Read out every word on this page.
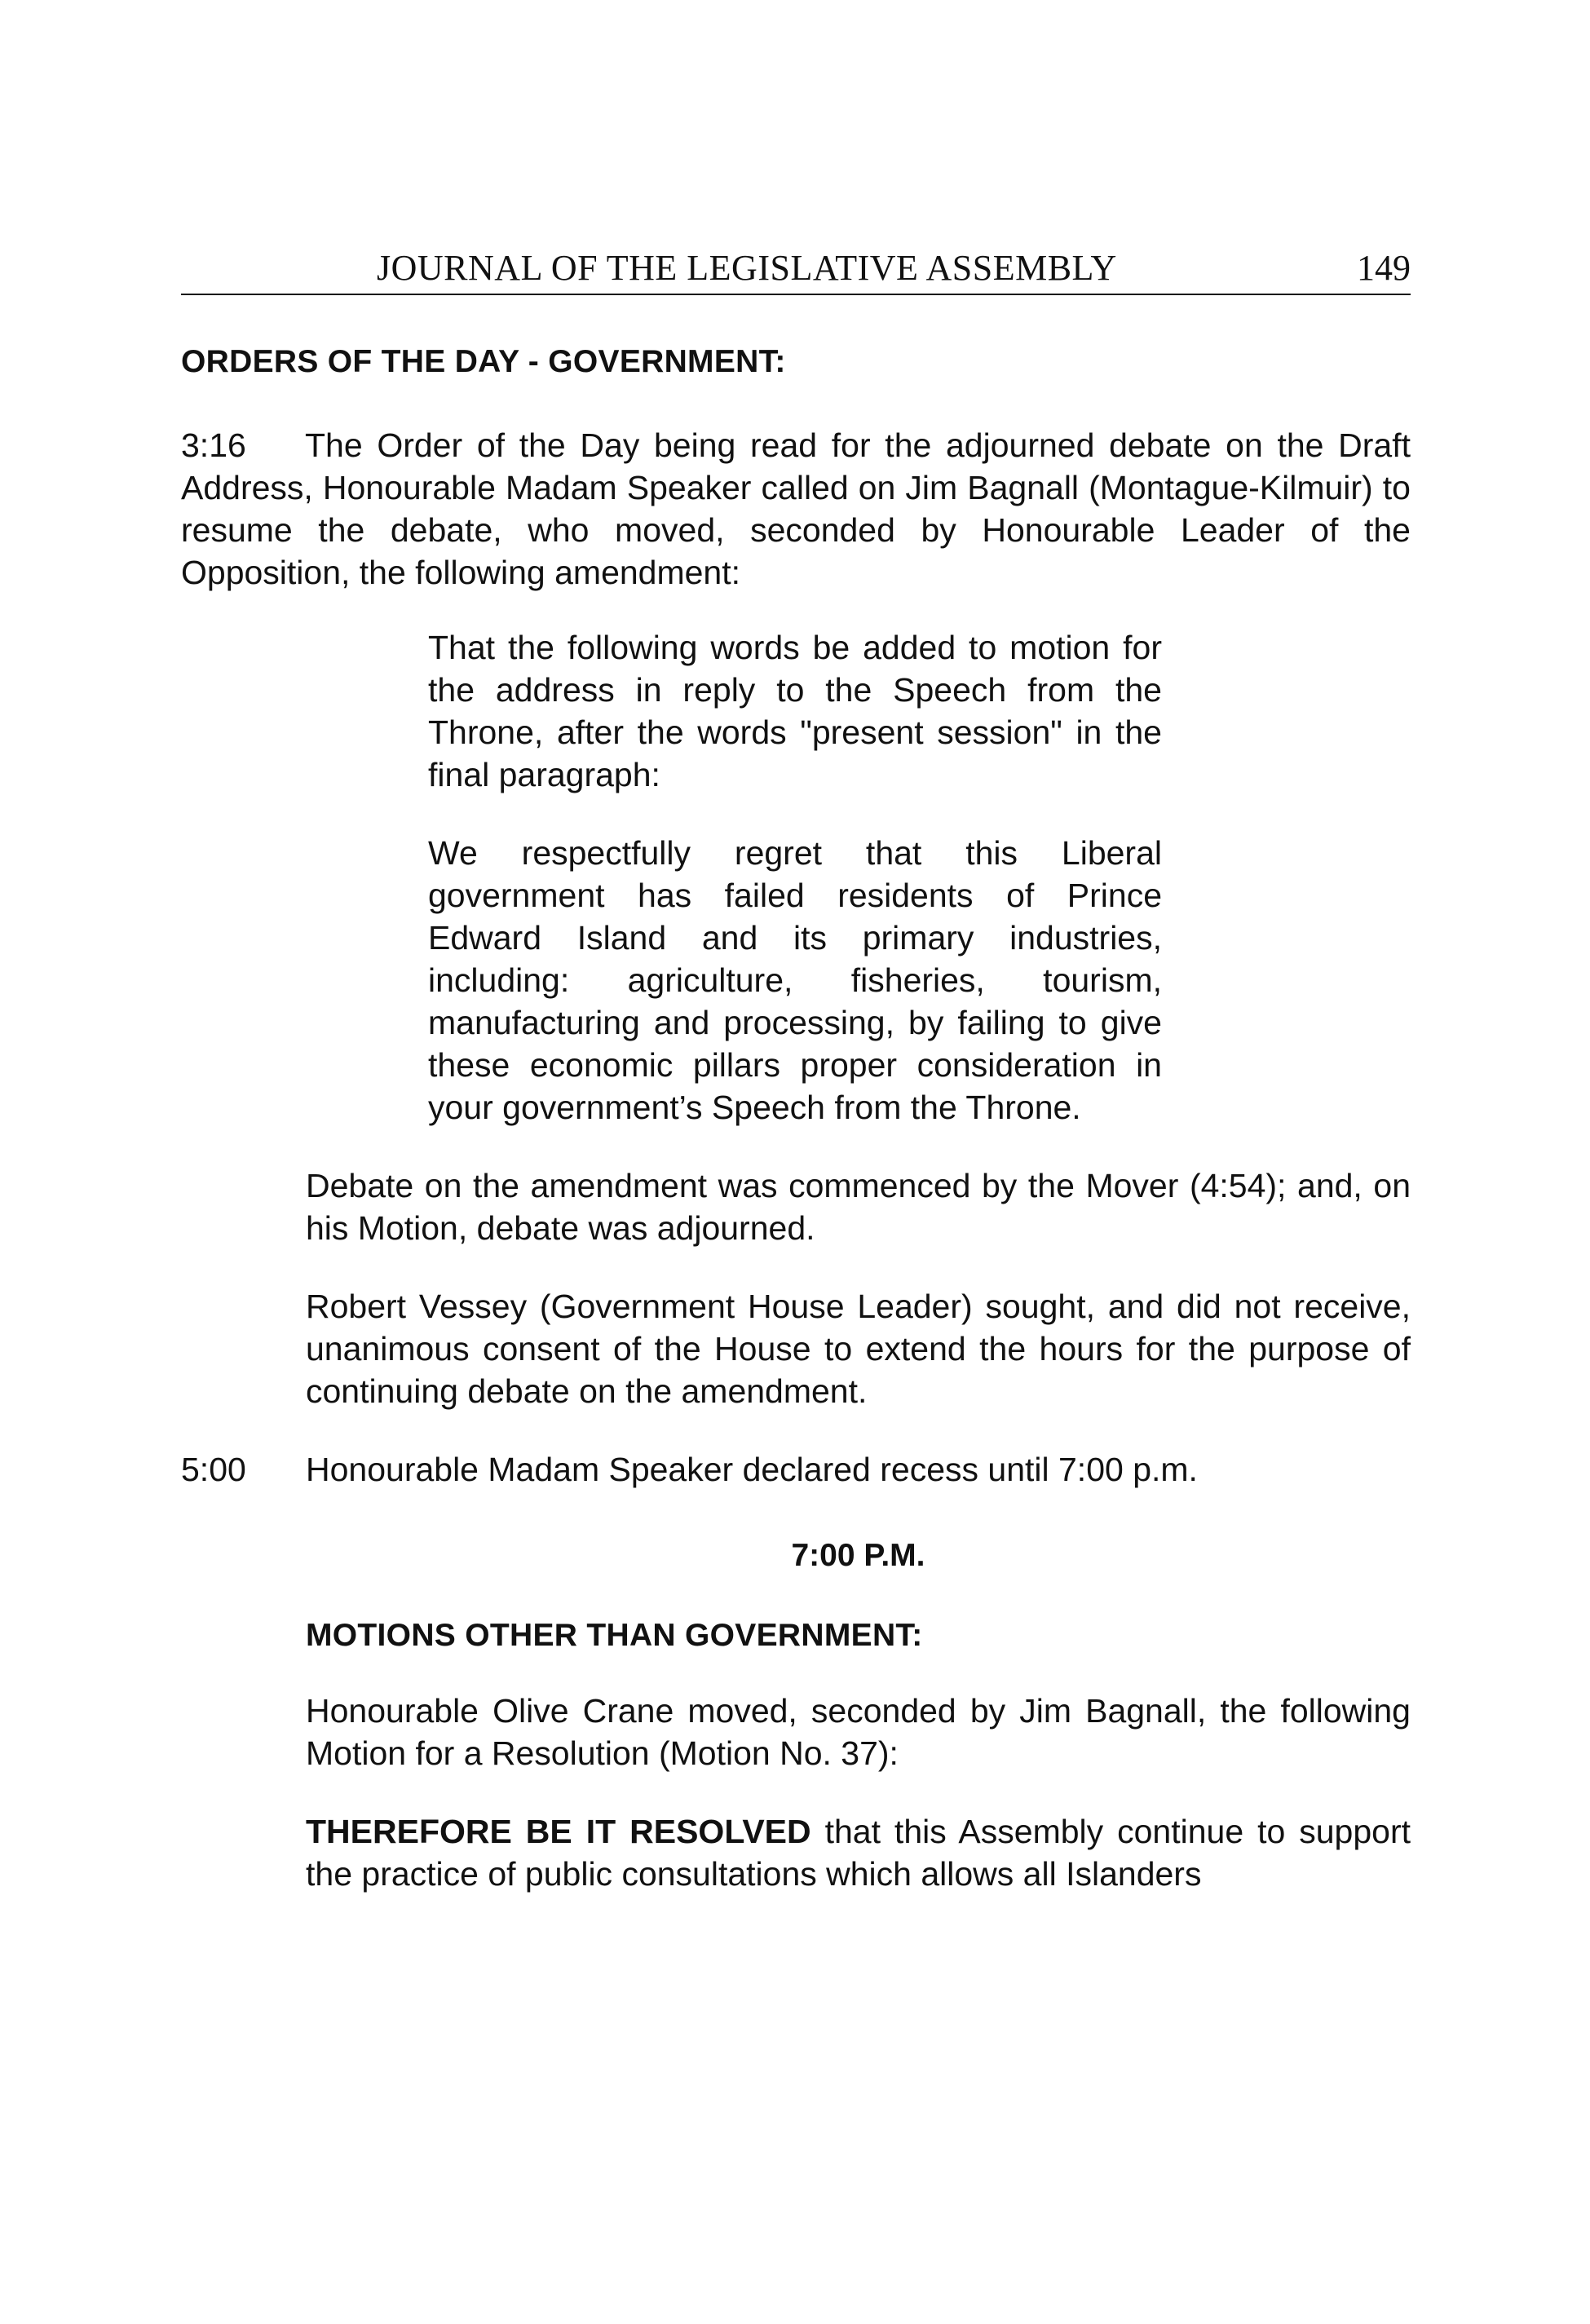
JOURNAL OF THE LEGISLATIVE ASSEMBLY	149
ORDERS OF THE DAY - GOVERNMENT:
3:16	The Order of the Day being read for the adjourned debate on the Draft Address, Honourable Madam Speaker called on Jim Bagnall (Montague-Kilmuir) to resume the debate, who moved, seconded by Honourable Leader of the Opposition, the following amendment:

That the following words be added to motion for the address in reply to the Speech from the Throne, after the words "present session" in the final paragraph:

We respectfully regret that this Liberal government has failed residents of Prince Edward Island and its primary industries, including: agriculture, fisheries, tourism, manufacturing and processing, by failing to give these economic pillars proper consideration in your government’s Speech from the Throne.

Debate on the amendment was commenced by the Mover (4:54); and, on his Motion, debate was adjourned.

Robert Vessey (Government House Leader) sought, and did not receive, unanimous consent of the House to extend the hours for the purpose of continuing debate on the amendment.

5:00 Honourable Madam Speaker declared recess until 7:00 p.m.

7:00 P.M.

MOTIONS OTHER THAN GOVERNMENT:

Honourable Olive Crane moved, seconded by Jim Bagnall, the following Motion for a Resolution (Motion No. 37):

THEREFORE BE IT RESOLVED that this Assembly continue to support the practice of public consultations which allows all Islanders
